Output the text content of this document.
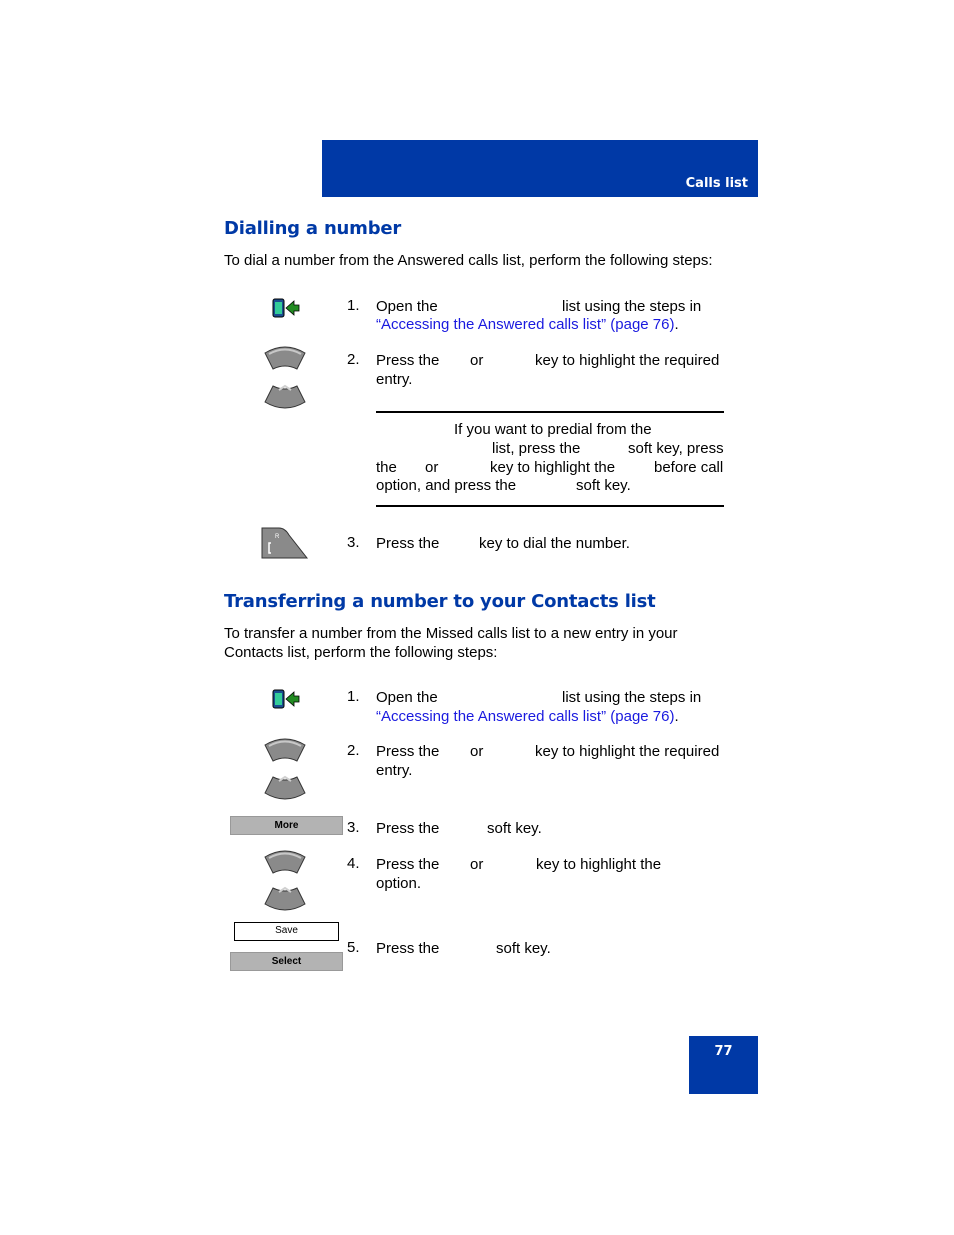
Calls list
Dialling a number
To dial a number from the Answered calls list, perform the following steps:
1. Open the	list using the steps in
“Accessing the Answered calls list” (page 76).
2. Press the or	key to highlight the required
entry.
If you want to predial from the
list, press the	soft key, press
the or	key to highlight the	before call
option, and press the	soft key.
R	3. Press the	key to dial the number.
Transferring a number to your Contacts list
To transfer a number from the Missed calls list to a new entry in your
Contacts list, perform the following steps:
1. Open the	list using the steps in
“Accessing the Answered calls list” (page 76).
2. Press the or	key to highlight the required
entry.
More	3. Press the	soft key.
4. Press the or	key to highlight the
option.
Save
Select
5. Press the	soft key.
77
